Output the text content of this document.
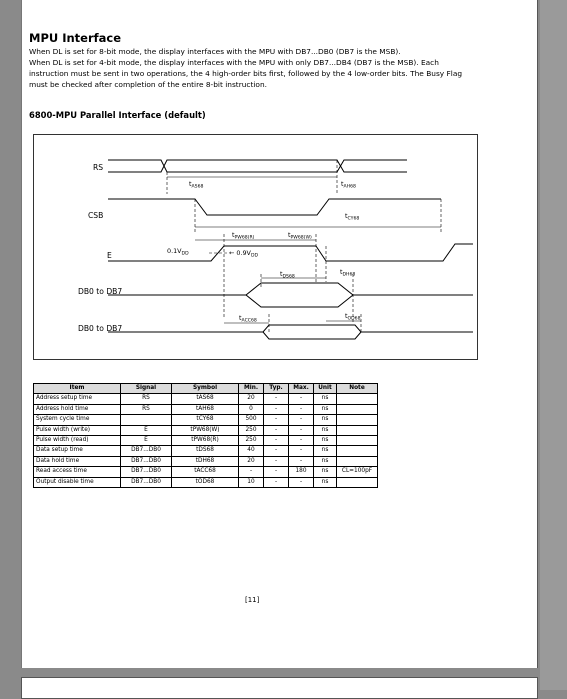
MPU Interface
When DL is set for 8-bit mode, the display interfaces with the MPU with DB7...DB0 (DB7 is the MSB).
When DL is set for 4-bit mode, the display interfaces with the MPU with only DB7...DB4 (DB7 is the MSB). Each
instruction must be sent in two operations, the 4 high-order bits first, followed by the 4 low-order bits. The Busy Flag
must be checked after completion of the entire 8-bit instruction.
6800-MPU Parallel Interface (default)
RS
CSB
E
DB0 to DB7
DB0 to DB7
$t_{AS68}$	$t_{AH68}$
$t_{CY68}$
$t_{PW68(R)}$	$t_{PW68(W)}$
$t_{DS68}$
$t_{DH68}$
$t_{ACC68}$
$t_{OD68}$
$0.1V_{DD}$	← $0.9V_{DD}$
Item	Signal	Symbol	Min.	Typ.	Max.	Unit	Note
Address setup time	RS	tAS68	20	-	-	ns	
Address hold time	RS	tAH68	0	-	-	ns	
System cycle time		tCY68	500	-	-	ns	
Pulse width (write)	E	tPW68(W)	250	-	-	ns	
Pulse width (read)	E	tPW68(R)	250	-	-	ns	
Data setup time	DB7...DB0	tDS68	40	-	-	ns	
Data hold time	DB7...DB0	tDH68	20	-	-	ns	
Read access time	DB7...DB0	tACC68	-	-	180	ns	CL=100pF
Output disable time	DB7...DB0	tOD68	10	-	-	ns	
[11]
